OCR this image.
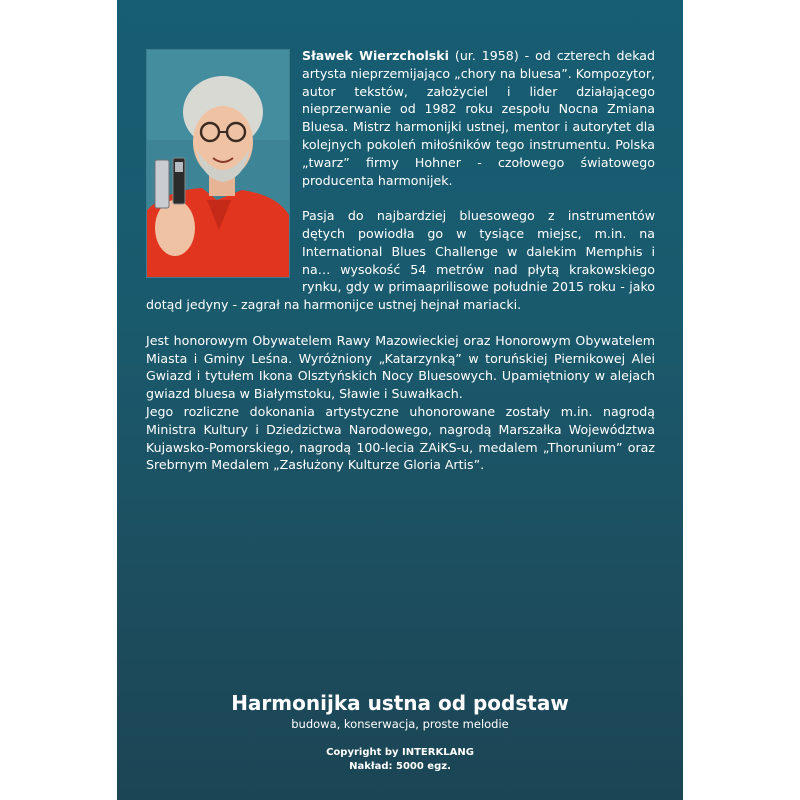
Sławek Wierzcholski (ur. 1958) - od czterech dekad artysta nieprzemijająco „chory na bluesa”. Kompozytor, autor tekstów, założyciel i lider działającego nieprzerwanie od 1982 roku zespołu Nocna Zmiana Bluesa. Mistrz harmonijki ustnej, mentor i autorytet dla kolejnych pokoleń miłośników tego instrumentu. Polska „twarz” firmy Hohner - czołowego światowego producenta harmonijek.

Pasja do najbardziej bluesowego z instrumentów dętych powiodła go w tysiące miejsc, m.in. na International Blues Challenge w dalekim Memphis i na… wysokość 54 metrów nad płytą krakowskiego rynku, gdy w primaaprilisowe południe 2015 roku - jako dotąd jedyny - zagrał na harmonijce ustnej hejnał mariacki.

Jest honorowym Obywatelem Rawy Mazowieckiej oraz Honorowym Obywatelem Miasta i Gminy Leśna. Wyróżniony „Katarzynką” w toruńskiej Piernikowej Alei Gwiazd i tytułem Ikona Olsztyńskich Nocy Bluesowych. Upamiętniony w alejach gwiazd bluesa w Białymstoku, Sławie i Suwałkach.

Jego rozliczne dokonania artystyczne uhonorowane zostały m.in. nagrodą Ministra Kultury i Dziedzictwa Narodowego, nagrodą Marszałka Województwa Kujawsko-Pomorskiego, nagrodą 100-lecia ZAiKS-u, medalem „Thorunium” oraz Srebrnym Medalem „Zasłużony Kulturze Gloria Artis”.

Harmonijka ustna od podstaw
budowa, konserwacja, proste melodie
Copyright by INTERKLANG
Nakład: 5000 egz.
